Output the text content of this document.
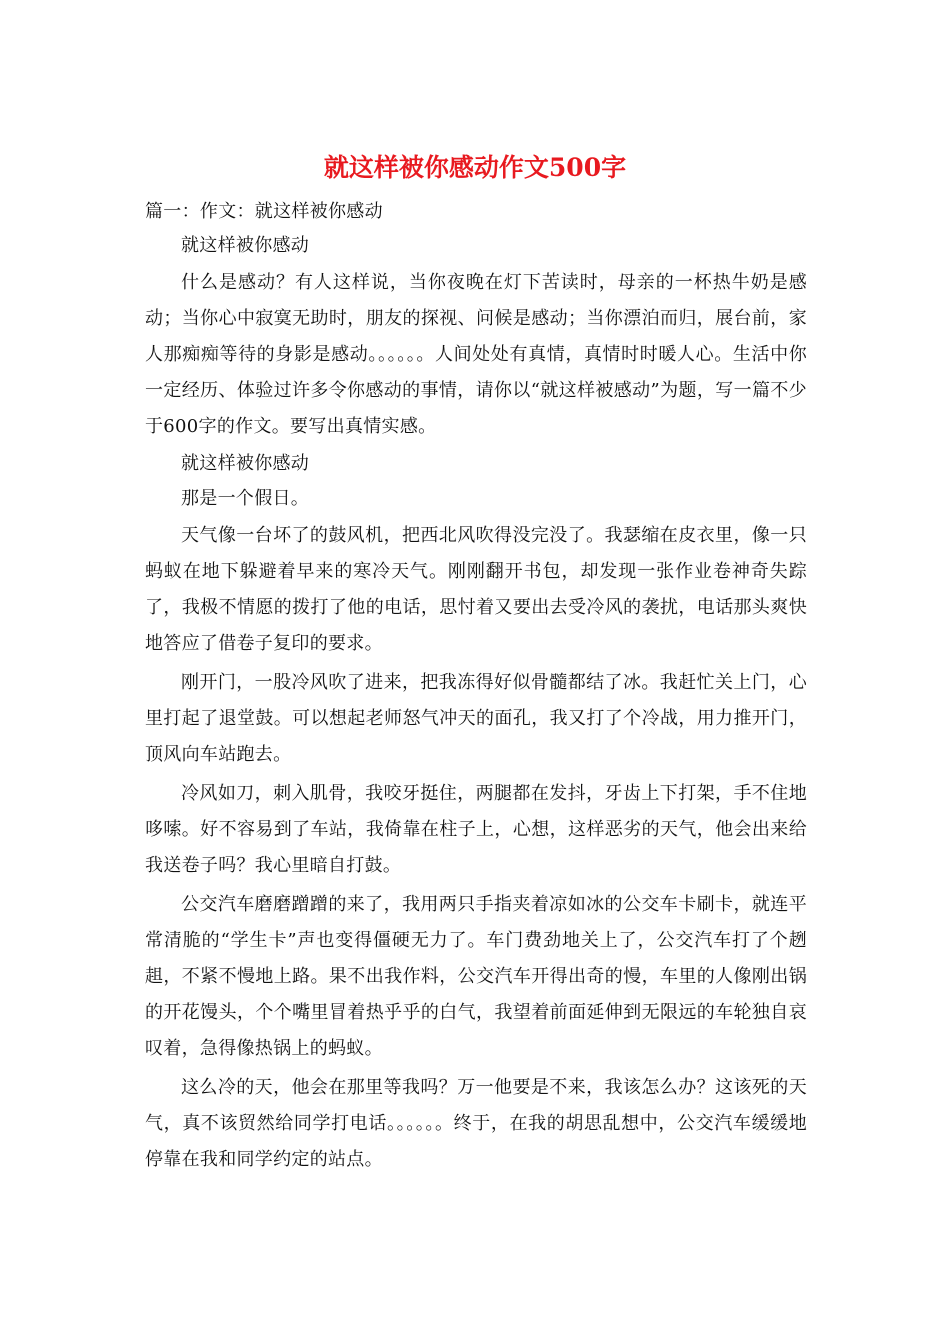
就这样被你感动作文500字

篇一：作文：就这样被你感动

就这样被你感动

什么是感动？有人这样说，当你夜晚在灯下苦读时，母亲的一杯热牛奶是感动；当你心中寂寞无助时，朋友的探视、问候是感动；当你漂泊而归，展台前，家人那痴痴等待的身影是感动。。。。。。人间处处有真情，真情时时暖人心。生活中你一定经历、体验过许多令你感动的事情，请你以“就这样被感动”为题，写一篇不少于600字的作文。要写出真情实感。

就这样被你感动

那是一个假日。

天气像一台坏了的鼓风机，把西北风吹得没完没了。我瑟缩在皮衣里，像一只蚂蚁在地下躲避着早来的寒冷天气。刚刚翻开书包，却发现一张作业卷神奇失踪了，我极不情愿的拨打了他的电话，思忖着又要出去受冷风的袭扰，电话那头爽快地答应了借卷子复印的要求。

刚开门，一股冷风吹了进来，把我冻得好似骨髓都结了冰。我赶忙关上门，心里打起了退堂鼓。可以想起老师怒气冲天的面孔，我又打了个冷战，用力推开门，顶风向车站跑去。

冷风如刀，刺入肌骨，我咬牙挺住，两腿都在发抖，牙齿上下打架，手不住地哆嗦。好不容易到了车站，我倚靠在柱子上，心想，这样恶劣的天气，他会出来给我送卷子吗？我心里暗自打鼓。

公交汽车磨磨蹭蹭的来了，我用两只手指夹着凉如冰的公交车卡刷卡，就连平常清脆的“学生卡”声也变得僵硬无力了。车门费劲地关上了，公交汽车打了个趔趄，不紧不慢地上路。果不出我作料，公交汽车开得出奇的慢，车里的人像刚出锅的开花馒头，个个嘴里冒着热乎乎的白气，我望着前面延伸到无限远的车轮独自哀叹着，急得像热锅上的蚂蚁。

这么冷的天，他会在那里等我吗？万一他要是不来，我该怎么办？这该死的天气，真不该贸然给同学打电话。。。。。。终于，在我的胡思乱想中，公交汽车缓缓地停靠在我和同学约定的站点。
